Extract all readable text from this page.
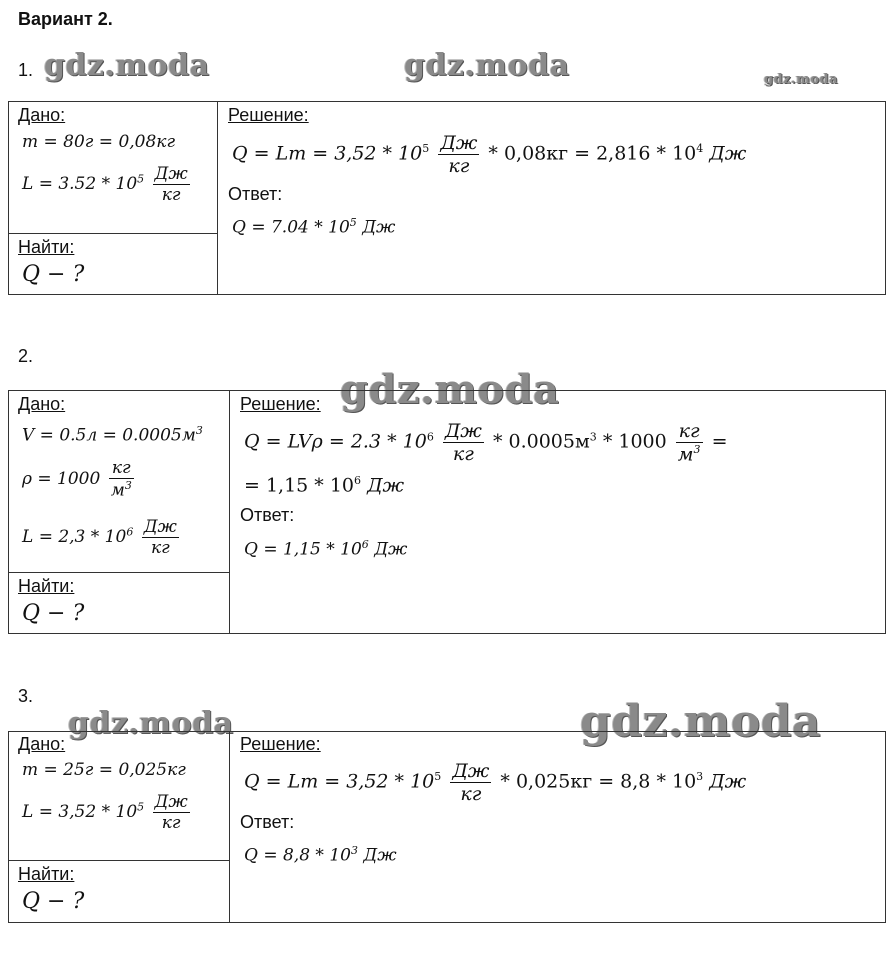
Вариант 2.
gdz.moda	gdz.moda	gdz.moda
gdz.moda
gdz.moda	gdz.moda
1.
Дано:
m = 80г = 0,08кг
$L = 3.52 * 10^5 \frac{Дж}{кг}$
Найти:
Q − ?
Решение:
$Q = Lm = 3,52 * 10^5 \frac{Дж}{кг} * 0,08кг = 2,816 * 10^4$ Дж
Ответ:
$Q = 7.04 * 10^5$ Дж
2.
Дано:
$V = 0.5л = 0.0005м^3$
$\rho = 1000 \frac{кг}{м^3}$
$L = 2,3 * 10^6 \frac{Дж}{кг}$
Найти:
Q − ?
Решение:
$Q = LV\rho = 2.3 * 10^6 \frac{Дж}{кг} * 0.0005м^3 * 1000 \frac{кг}{м^3}$ =
= $1,15 * 10^6$ Дж
Ответ:
$Q = 1,15 * 10^6$ Дж
3.
Дано:
m = 25г = 0,025кг
$L = 3,52 * 10^5 \frac{Дж}{кг}$
Найти:
Q − ?
Решение:
$Q = Lm = 3,52 * 10^5 \frac{Дж}{кг} * 0,025кг = 8,8 * 10^3$ Дж
Ответ:
$Q = 8,8 * 10^3$ Дж
